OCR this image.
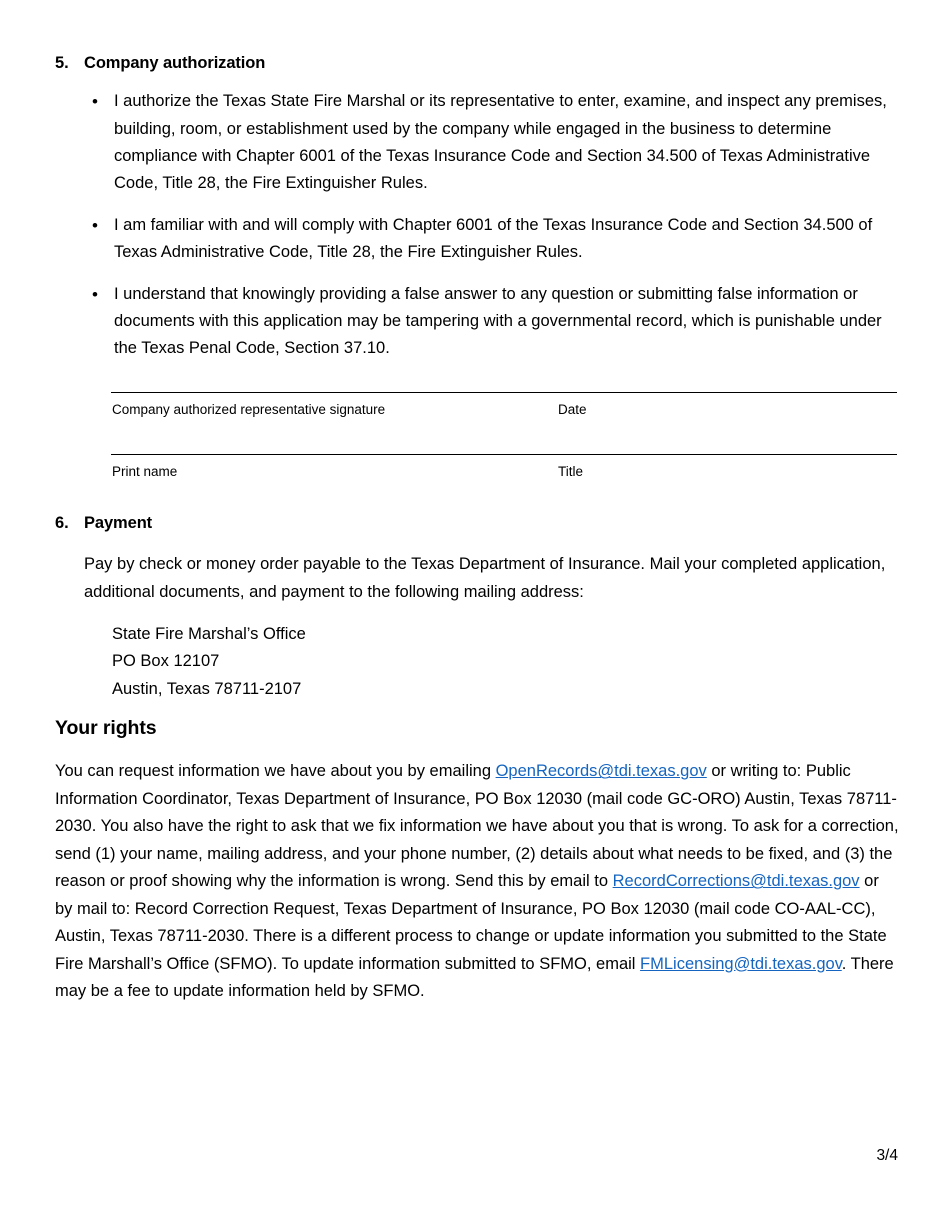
5. Company authorization
• I authorize the Texas State Fire Marshal or its representative to enter, examine, and inspect any premises, building, room, or establishment used by the company while engaged in the business to determine compliance with Chapter 6001 of the Texas Insurance Code and Section 34.500 of Texas Administrative Code, Title 28, the Fire Extinguisher Rules.
• I am familiar with and will comply with Chapter 6001 of the Texas Insurance Code and Section 34.500 of Texas Administrative Code, Title 28, the Fire Extinguisher Rules.
• I understand that knowingly providing a false answer to any question or submitting false information or documents with this application may be tampering with a governmental record, which is punishable under the Texas Penal Code, Section 37.10.
Company authorized representative signature	Date
Print name	Title
6. Payment
Pay by check or money order payable to the Texas Department of Insurance. Mail your completed application, additional documents, and payment to the following mailing address:
State Fire Marshal’s Office
PO Box 12107
Austin, Texas 78711-2107
Your rights

You can request information we have about you by emailing OpenRecords@tdi.texas.gov or writing to: Public Information Coordinator, Texas Department of Insurance, PO Box 12030 (mail code GC-ORO) Austin, Texas 78711-2030. You also have the right to ask that we fix information we have about you that is wrong. To ask for a correction, send (1) your name, mailing address, and your phone number, (2) details about what needs to be fixed, and (3) the reason or proof showing why the information is wrong. Send this by email to RecordCorrections@tdi.texas.gov or by mail to: Record Correction Request, Texas Department of Insurance, PO Box 12030 (mail code CO-AAL-CC), Austin, Texas 78711-2030. There is a different process to change or update information you submitted to the State Fire Marshall’s Office (SFMO). To update information submitted to SFMO, email FMLicensing@tdi.texas.gov. There may be a fee to update information held by SFMO.

3/4
